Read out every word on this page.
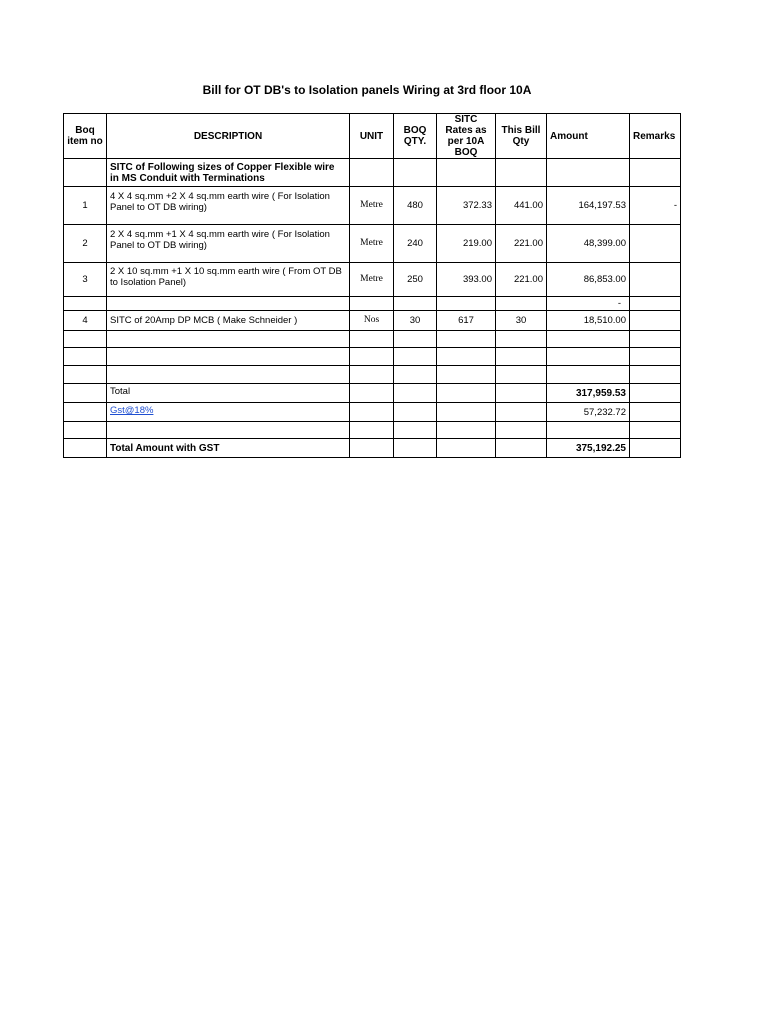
Bill for OT DB's to Isolation panels Wiring at 3rd floor 10A
Boq item no	DESCRIPTION	UNIT	BOQ QTY.	SITC Rates as per 10A BOQ	This Bill Qty	Amount	Remarks
	SITC of Following sizes of Copper Flexible wire in MS Conduit with Terminations						
1	4 X 4 sq.mm +2 X 4 sq.mm earth wire ( For Isolation Panel to OT DB wiring)	Metre	480	372.33	441.00	164,197.53	-
2	2 X 4 sq.mm +1 X 4 sq.mm earth wire ( For Isolation Panel to OT DB wiring)	Metre	240	219.00	221.00	48,399.00	
3	2 X 10 sq.mm +1 X 10 sq.mm earth wire ( From OT DB to Isolation Panel)	Metre	250	393.00	221.00	86,853.00	
						-	
4	SITC of 20Amp DP MCB ( Make Schneider )	Nos	30	617	30	18,510.00	

	Total					317,959.53	
	Gst@18%					57,232.72	

	Total Amount with GST					375,192.25	
